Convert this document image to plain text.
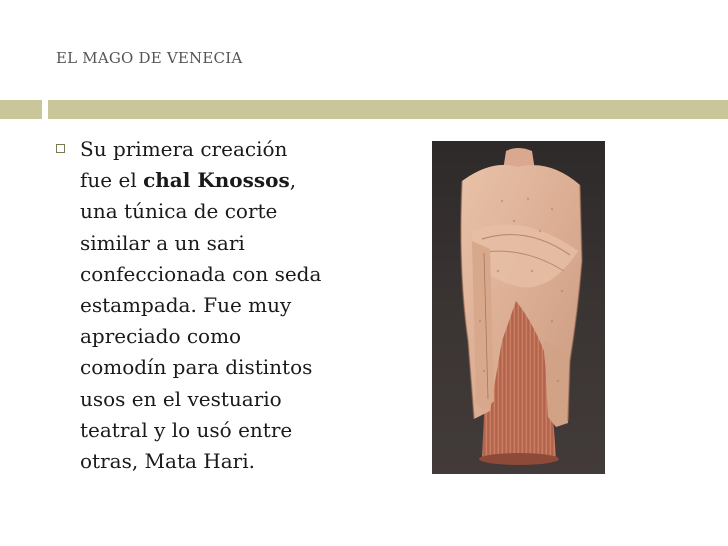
EL MAGO DE VENECIA

Su primera creación
fue el chal Knossos,
una túnica de corte
similar a un sari
confeccionada con seda
estampada. Fue muy
apreciado como
comodín para distintos
usos en el vestuario
teatral y lo usó entre
otras, Mata Hari.
